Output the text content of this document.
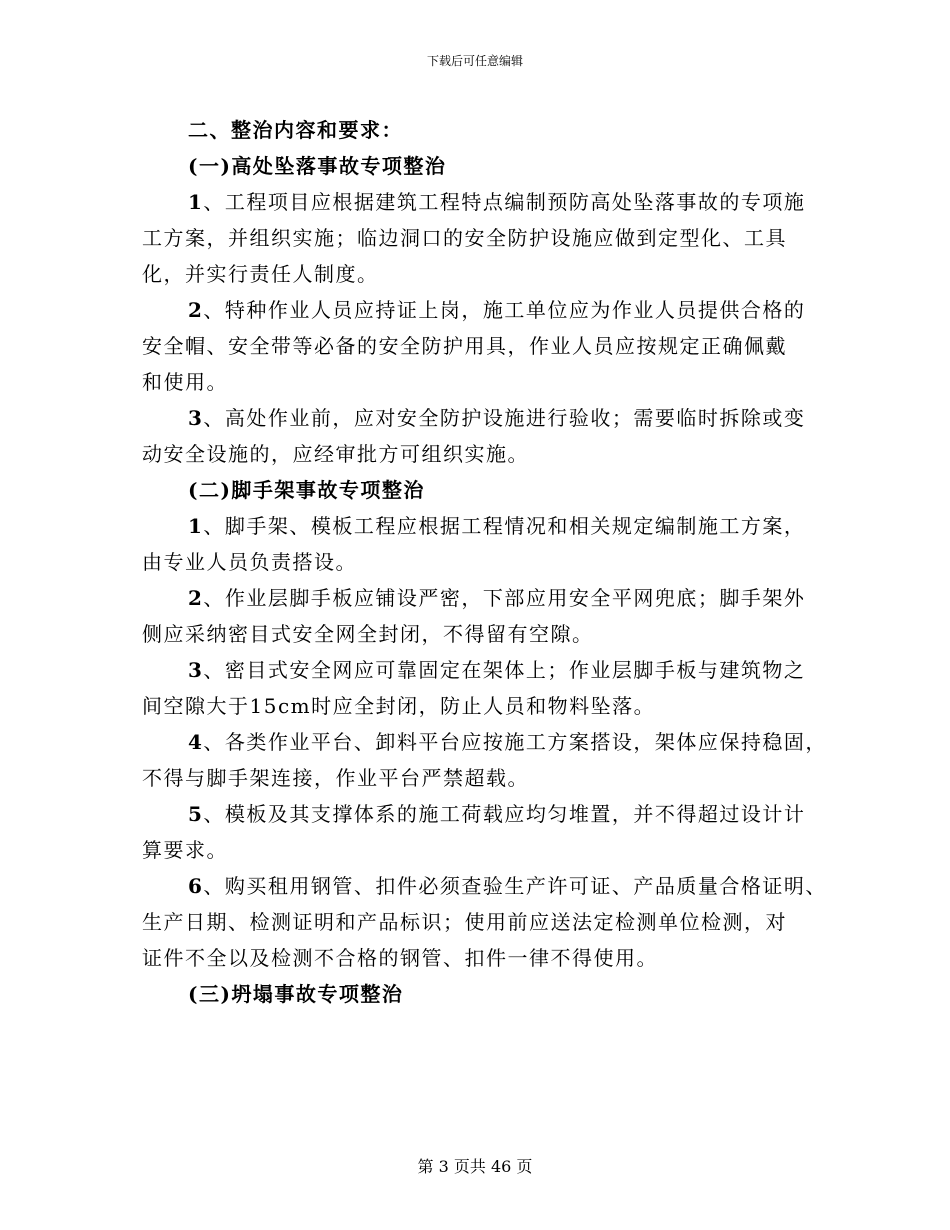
下载后可任意编辑
二、整治内容和要求：
(一)高处坠落事故专项整治
1、工程项目应根据建筑工程特点编制预防高处坠落事故的专项施
工方案，并组织实施；临边洞口的安全防护设施应做到定型化、工具
化，并实行责任人制度。
2、特种作业人员应持证上岗，施工单位应为作业人员提供合格的
安全帽、安全带等必备的安全防护用具，作业人员应按规定正确佩戴
和使用。
3、高处作业前，应对安全防护设施进行验收；需要临时拆除或变
动安全设施的，应经审批方可组织实施。
(二)脚手架事故专项整治
1、脚手架、模板工程应根据工程情况和相关规定编制施工方案，
由专业人员负责搭设。
2、作业层脚手板应铺设严密，下部应用安全平网兜底；脚手架外
侧应采纳密目式安全网全封闭，不得留有空隙。
3、密目式安全网应可靠固定在架体上；作业层脚手板与建筑物之
间空隙大于15cm时应全封闭，防止人员和物料坠落。
4、各类作业平台、卸料平台应按施工方案搭设，架体应保持稳固，
不得与脚手架连接，作业平台严禁超载。
5、模板及其支撑体系的施工荷载应均匀堆置，并不得超过设计计
算要求。
6、购买租用钢管、扣件必须查验生产许可证、产品质量合格证明、
生产日期、检测证明和产品标识；使用前应送法定检测单位检测，对
证件不全以及检测不合格的钢管、扣件一律不得使用。
(三)坍塌事故专项整治
第 3 页共 46 页
